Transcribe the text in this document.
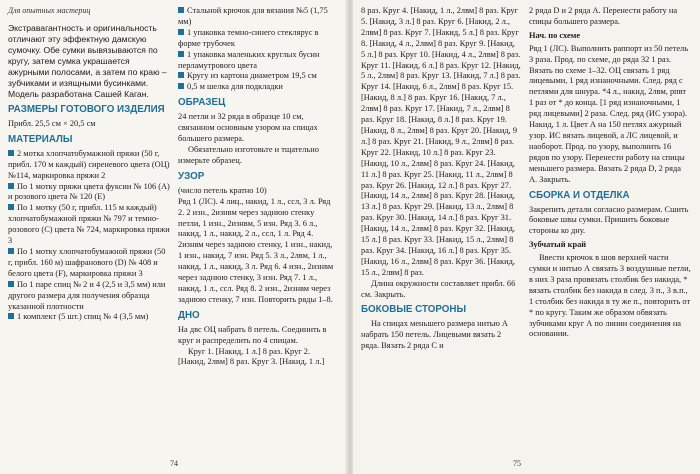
Для опытных мастериц

Экстравагантность и оригинальность отличают эту эффектную дамскую сумочку. Обе сумки вывязываются по кругу, затем сумка украшается ажурными полосами, а затем по краю – зубчиками и изящными бусинками. Модель разработана Сашей Каган.

РАЗМЕРЫ ГОТОВОГО ИЗДЕЛИЯ

Прибл. 25,5 см × 20,5 см

МАТЕРИАЛЫ

2 мотка хлопчатобумажной пряжи (50 г, прибл. 170 м каждый) сиреневого цвета (ОЦ) №114, маркировка пряжи 2

По 1 мотку пряжи цвета фуксии № 106 (А) и розового цвета № 120 (Е)

По 1 мотку (50 г, прибл. 115 м каждый) хлопчатобумажной пряжи № 797 и темно-розового (С) цвета № 724, маркировка пряжи 3

По 1 мотку хлопчатобумажной пряжи (50 г, прибл. 160 м) шафранового (D) № 408 и белого цвета (F), маркировка пряжи 3

По 1 паре спиц № 2 и 4 (2,5 и 3,5 мм) или другого размера для получения образца указанной плотности

1 комплект (5 шт.) спиц № 4 (3,5 мм)

Стальной крючок для вязания №5 (1,75 мм)

1 упаковка темно-синего стеклярус в форме трубочек

1 упаковка маленьких круглых бусин перламутрового цвета

Кругу из картона диаметром 19,5 см

0,5 м шелка для подкладки

ОБРАЗЕЦ

24 петли и 32 ряда в образце 10 см, связанном основным узором на спицах большего размера.

Обязательно изготовьте и тщательно измерьте образец.

УЗОР

(число петель кратно 10)

Ряд 1 (ЛС). 4 лиц., накид, 1 л., ссл, 3 л. Ряд 2. 2 изн., 2изнвм через заднюю стенку петли, 1 изн., 2изнвм, 5 изн. Ряд 3. 6 л., накид, 1 л., накид, 2 л., ссл, 1 л. Ряд 4. 2изнвм через заднюю стенку, 1 изн., накид, 1 изн., накид, 7 изн. Ряд 5. 3 л., 2лвм, 1 л., накид, 1 л., накид, 3 л. Ряд 6. 4 изн., 2изнвм через заднюю стенку, 3 изн. Ряд 7. 1 л., накид, 1 л., ссл. Ряд 8. 2 изн., 2изнвм через заднюю стенку, 7 изн. Повторить ряды 1–8.

ДНО

На двс ОЦ набрать 8 петель. Соединить в круг и распределить по 4 спицам.

Круг 1. [Накид, 1 л.] 8 раз. Круг 2. [Накид, 2лвм] 8 раз. Круг 3. [Накид, 1 л.]

74

8 раз. Круг 4. [Накид, 1 л., 2лвм] 8 раз. Круг 5. [Накид, 3 л.] 8 раз. Круг 6. [Накид, 2 л., 2лвм] 8 раз. Круг 7. [Накид, 5 л.] 8 раз. Круг 8. [Накид, 4 л., 2лвм] 8 раз. Круг 9. [Накид, 5 л.] 8 раз. Круг 10. [Накид, 4 л., 2лвм] 8 раз. Круг 11. [Накид, 6 л.] 8 раз. Круг 12. [Накид, 5 л., 2лвм] 8 раз. Круг 13. [Накид, 7 л.] 8 раз. Круг 14. [Накид, 6 л., 2лвм] 8 раз. Круг 15. [Накид, 8 л.] 8 раз. Круг 16. [Накид, 7 л., 2лвм] 8 раз. Круг 17. [Накид, 7 л., 2лвм] 8 раз. Круг 18. [Накид, 8 л.] 8 раз. Круг 19. [Накид, 8 л., 2лвм] 8 раз. Круг 20. [Накид, 9 л.] 8 раз. Круг 21. [Накид, 9 л., 2лвм] 8 раз. Круг 22. [Накид, 10 л.] 8 раз. Круг 23. [Накид, 10 л., 2лвм] 8 раз. Круг 24. [Накид, 11 л.] 8 раз. Круг 25. [Накид, 11 л., 2лвм] 8 раз. Круг 26. [Накид, 12 л.] 8 раз. Круг 27. [Накид, 14 л., 2лвм] 8 раз. Круг 28. [Накид, 13 л.] 8 раз. Круг 29. [Накид, 13 л., 2лвм] 8 раз. Круг 30. [Накид, 14 л.] 8 раз. Круг 31. [Накид, 14 л., 2лвм] 8 раз. Круг 32. [Накид, 15 л.] 8 раз. Круг 33. [Накид, 15 л., 2лвм] 8 раз. Круг 34. [Накид, 16 л.] 8 раз. Круг 35. [Накид, 16 л., 2лвм] 8 раз. Круг 36. [Накид, 15 л., 2лвм] 8 раз.

Длина окружности составляет прибл. 66 см. Закрыть.

БОКОВЫЕ СТОРОНЫ

На спицах меньшего размера нитью А набрать 150 петель. Лицевыми вязать 2 ряда. Вязать 2 ряда С и

2 ряда D и 2 ряда А. Перенести работу на спицы большего размера.

Нач. по схеме

Ряд 1 (ЛС). Выполнить раппорт из 50 петель 3 раза. Прод. по схеме, до ряда 32 1 раз. Вязать по схеме 1–32. ОЦ связать 1 ряд лицевыми, 1 ряд изнаночными. След. ряд с петлями для шнура. *4 л., накид, 2лвм, рпвт 1 раз от * до конца. [1 ряд изнаночными, 1 ряд лицевыми] 2 раза. След. ряд (ИС узора). Накид, 1 л. Цвет А на 150 петлях ажурный узор. ИС вязать лицевой, а ЛС лицевой, и наоборот. Прод. по узору, выполнить 16 рядов по узору. Перенести работу на спицы меньшего размера. Вязать 2 ряда D, 2 ряда А. Закрыть.

СБОРКА И ОТДЕЛКА

Закрепить детали согласно размерам. Сшить боковые швы сумки. Пришить боковые стороны ко дну.

Зубчатый край

Ввести крючок в шов верхней части сумки и нитью А связать 3 воздушные петли, в них 3 раза провязать столбик без накида, * вязать столбик без накида в след. 3 п., 3 в.п., 1 столбик без накида в ту же п., повторить от * по кругу. Таким же образом обвязать зубчиками круг А по линии соединения на основании.

75
